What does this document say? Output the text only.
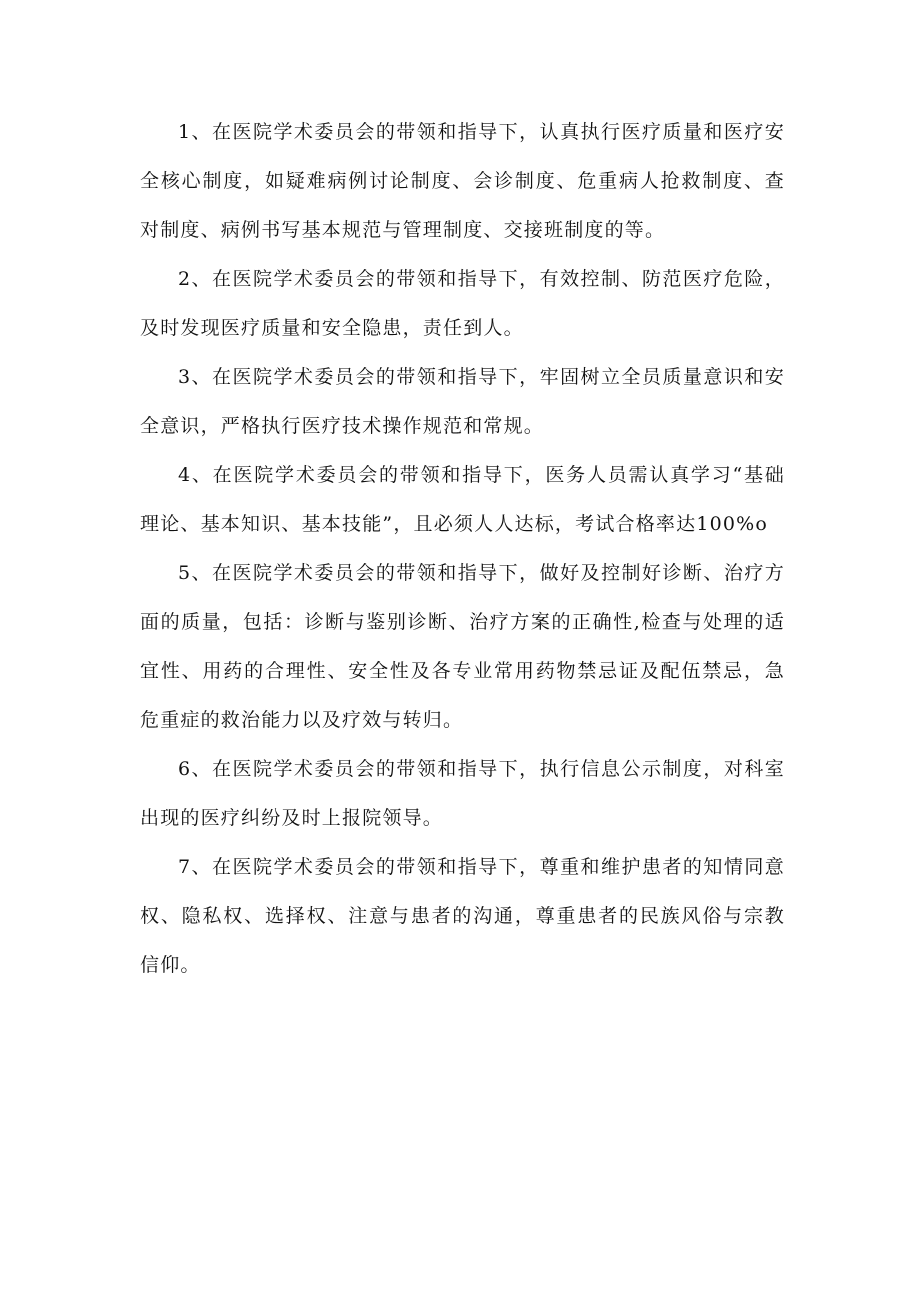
1、在医院学术委员会的带领和指导下，认真执行医疗质量和医疗安全核心制度，如疑难病例讨论制度、会诊制度、危重病人抢救制度、查对制度、病例书写基本规范与管理制度、交接班制度的等。

2、在医院学术委员会的带领和指导下，有效控制、防范医疗危险，及时发现医疗质量和安全隐患，责任到人。

3、在医院学术委员会的带领和指导下，牢固树立全员质量意识和安全意识，严格执行医疗技术操作规范和常规。

4、在医院学术委员会的带领和指导下，医务人员需认真学习“基础理论、基本知识、基本技能”，且必须人人达标，考试合格率达100%o

5、在医院学术委员会的带领和指导下，做好及控制好诊断、治疗方面的质量，包括：诊断与鉴别诊断、治疗方案的正确性,检查与处理的适宜性、用药的合理性、安全性及各专业常用药物禁忌证及配伍禁忌，急危重症的救治能力以及疗效与转归。

6、在医院学术委员会的带领和指导下，执行信息公示制度，对科室出现的医疗纠纷及时上报院领导。

7、在医院学术委员会的带领和指导下，尊重和维护患者的知情同意权、隐私权、选择权、注意与患者的沟通，尊重患者的民族风俗与宗教信仰。
